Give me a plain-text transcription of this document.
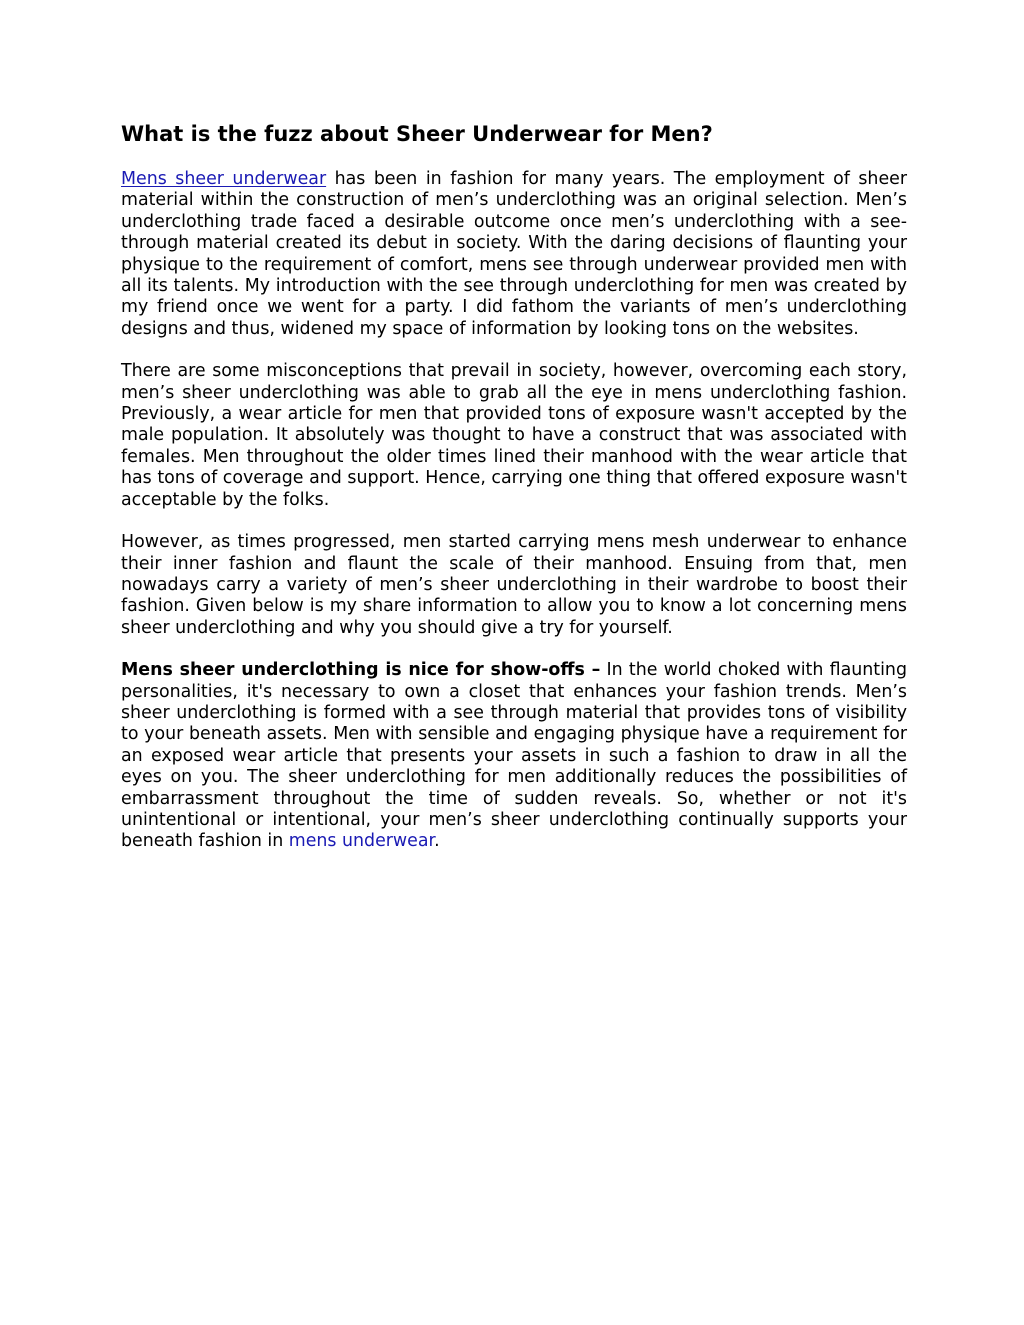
What is the fuzz about Sheer Underwear for Men?

Mens sheer underwear has been in fashion for many years. The employment of sheer material within the construction of men’s underclothing was an original selection. Men’s underclothing trade faced a desirable outcome once men’s underclothing with a see-through material created its debut in society. With the daring decisions of flaunting your physique to the requirement of comfort, mens see through underwear provided men with all its talents. My introduction with the see through underclothing for men was created by my friend once we went for a party. I did fathom the variants of men’s underclothing designs and thus, widened my space of information by looking tons on the websites.

There are some misconceptions that prevail in society, however, overcoming each story, men’s sheer underclothing was able to grab all the eye in mens underclothing fashion. Previously, a wear article for men that provided tons of exposure wasn't accepted by the male population. It absolutely was thought to have a construct that was associated with females. Men throughout the older times lined their manhood with the wear article that has tons of coverage and support. Hence, carrying one thing that offered exposure wasn't acceptable by the folks.

However, as times progressed, men started carrying mens mesh underwear to enhance their inner fashion and flaunt the scale of their manhood. Ensuing from that, men nowadays carry a variety of men’s sheer underclothing in their wardrobe to boost their fashion. Given below is my share information to allow you to know a lot concerning mens sheer underclothing and why you should give a try for yourself.

Mens sheer underclothing is nice for show-offs – In the world choked with flaunting personalities, it's necessary to own a closet that enhances your fashion trends. Men’s sheer underclothing is formed with a see through material that provides tons of visibility to your beneath assets. Men with sensible and engaging physique have a requirement for an exposed wear article that presents your assets in such a fashion to draw in all the eyes on you. The sheer underclothing for men additionally reduces the possibilities of embarrassment throughout the time of sudden reveals. So, whether or not it's unintentional or intentional, your men’s sheer underclothing continually supports your beneath fashion in mens underwear.
